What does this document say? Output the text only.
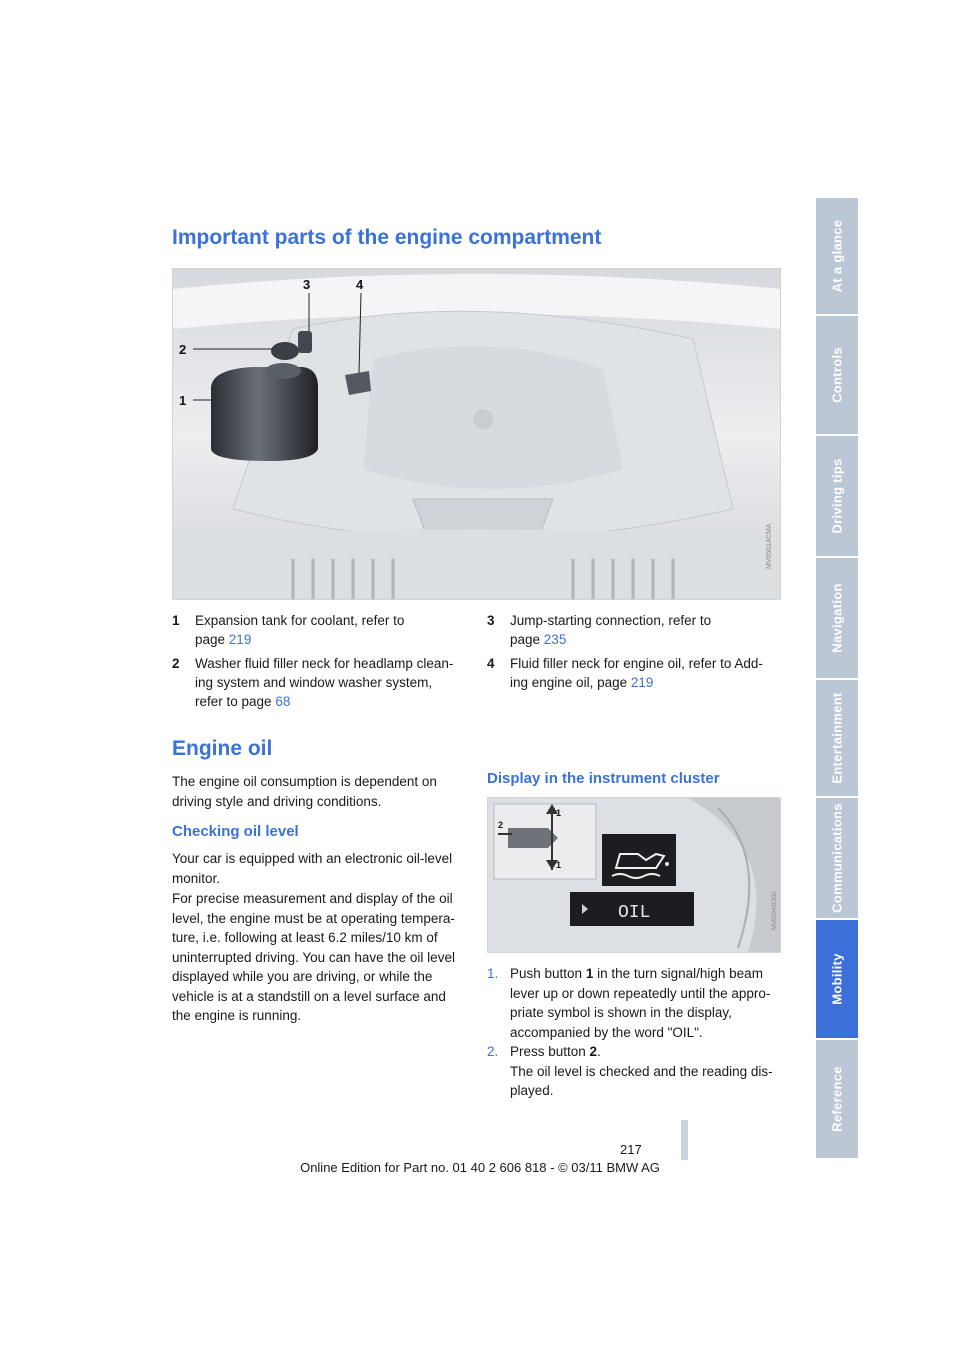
At a glance
Controls
Driving tips
Navigation
Entertainment
Communications
Mobility
Reference
Important parts of the engine compartment
2
1
3	4
MV05014CMA
1 Expansion tank for coolant, refer to
page 219
2 Washer fluid filler neck for headlamp clean-
ing system and window washer system,
refer to page 68
3 Jump-starting connection, refer to
page 235
4 Fluid filler neck for engine oil, refer to Add-
ing engine oil, page 219
Engine oil
The engine oil consumption is dependent on
driving style and driving conditions.
Checking oil level
Your car is equipped with an electronic oil-level
monitor.
For precise measurement and display of the oil
level, the engine must be at operating tempera-
ture, i.e. following at least 6.2 miles/10 km of
uninterrupted driving. You can have the oil level
displayed while you are driving, or while the
vehicle is at a standstill on a level surface and
the engine is running.
Display in the instrument cluster
2
1
1
OIL	MV05040CMA
1. Push button 1 in the turn signal/high beam
lever up or down repeatedly until the appro-
priate symbol is shown in the display,
accompanied by the word "OIL".
2. Press button 2.
The oil level is checked and the reading dis-
played.
217
Online Edition for Part no. 01 40 2 606 818 - © 03/11 BMW AG
